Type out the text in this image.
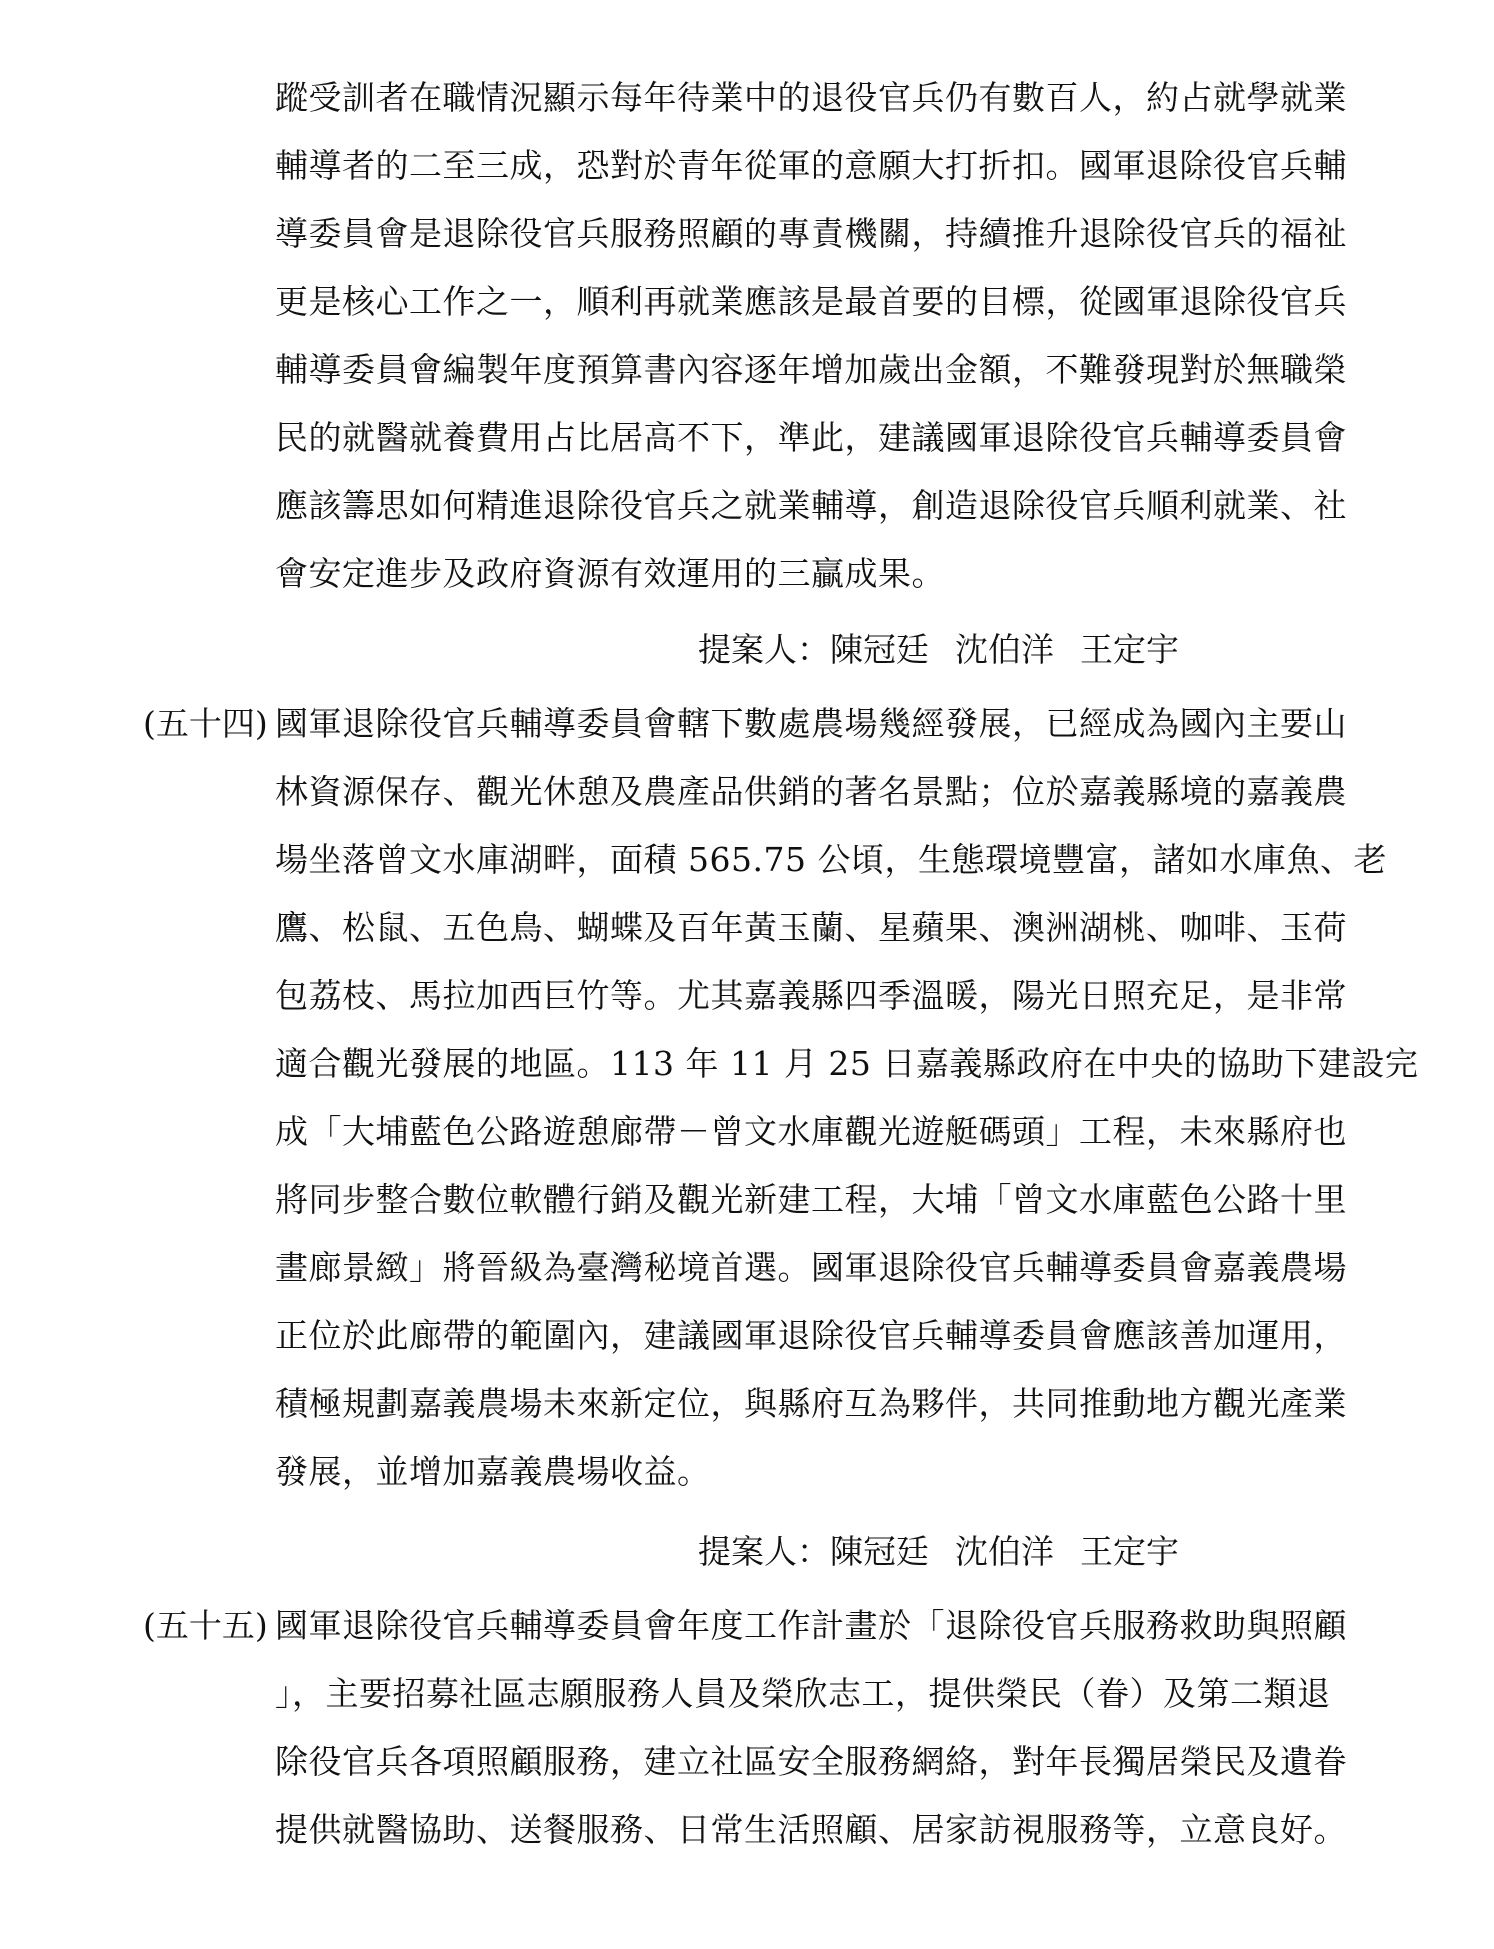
蹤受訓者在職情況顯示每年待業中的退役官兵仍有數百人，約占就學就業
輔導者的二至三成，恐對於青年從軍的意願大打折扣。國軍退除役官兵輔
導委員會是退除役官兵服務照顧的專責機關，持續推升退除役官兵的福祉
更是核心工作之一，順利再就業應該是最首要的目標，從國軍退除役官兵
輔導委員會編製年度預算書內容逐年增加歲出金額，不難發現對於無職榮
民的就醫就養費用占比居高不下，準此，建議國軍退除役官兵輔導委員會
應該籌思如何精進退除役官兵之就業輔導，創造退除役官兵順利就業、社
會安定進步及政府資源有效運用的三贏成果。
提案人：陳冠廷 沈伯洋 王定宇
(五十四) 國軍退除役官兵輔導委員會轄下數處農場幾經發展，已經成為國內主要山
林資源保存、觀光休憩及農產品供銷的著名景點；位於嘉義縣境的嘉義農
場坐落曾文水庫湖畔，面積 565.75 公頃，生態環境豐富，諸如水庫魚、老
鷹、松鼠、五色鳥、蝴蝶及百年黃玉蘭、星蘋果、澳洲湖桃、咖啡、玉荷
包荔枝、馬拉加西巨竹等。尤其嘉義縣四季溫暖，陽光日照充足，是非常
適合觀光發展的地區。113 年 11 月 25 日嘉義縣政府在中央的協助下建設完
成「大埔藍色公路遊憩廊帶－曾文水庫觀光遊艇碼頭」工程，未來縣府也
將同步整合數位軟體行銷及觀光新建工程，大埔「曾文水庫藍色公路十里
畫廊景緻」將晉級為臺灣秘境首選。國軍退除役官兵輔導委員會嘉義農場
正位於此廊帶的範圍內，建議國軍退除役官兵輔導委員會應該善加運用，
積極規劃嘉義農場未來新定位，與縣府互為夥伴，共同推動地方觀光產業
發展，並增加嘉義農場收益。
提案人：陳冠廷 沈伯洋 王定宇
(五十五) 國軍退除役官兵輔導委員會年度工作計畫於「退除役官兵服務救助與照顧
」，主要招募社區志願服務人員及榮欣志工，提供榮民（眷）及第二類退
除役官兵各項照顧服務，建立社區安全服務網絡，對年長獨居榮民及遺眷
提供就醫協助、送餐服務、日常生活照顧、居家訪視服務等，立意良好。
